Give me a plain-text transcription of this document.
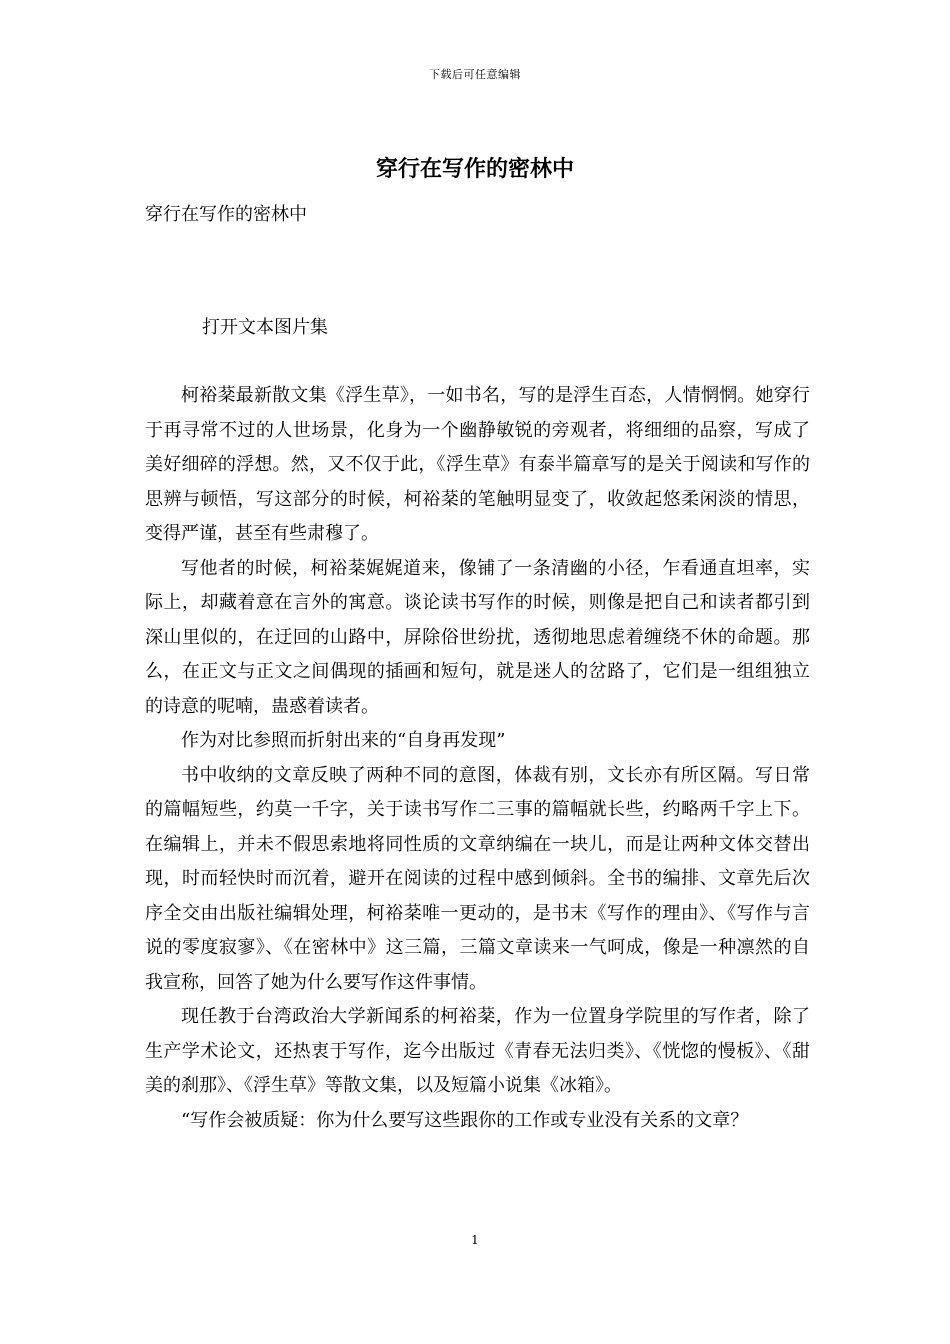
下载后可任意编辑
穿行在写作的密林中

穿行在写作的密林中

打开文本图片集

柯裕棻最新散文集《浮生草》，一如书名，写的是浮生百态，人情惘惘。她穿行于再寻常不过的人世场景，化身为一个幽静敏锐的旁观者，将细细的品察，写成了美好细碎的浮想。然，又不仅于此，《浮生草》有泰半篇章写的是关于阅读和写作的思辨与顿悟，写这部分的时候，柯裕棻的笔触明显变了，收敛起悠柔闲淡的情思，变得严谨，甚至有些肃穆了。

写他者的时候，柯裕棻娓娓道来，像铺了一条清幽的小径，乍看通直坦率，实际上，却藏着意在言外的寓意。谈论读书写作的时候，则像是把自己和读者都引到深山里似的，在迂回的山路中，屏除俗世纷扰，透彻地思虑着缠绕不休的命题。那么，在正文与正文之间偶现的插画和短句，就是迷人的岔路了，它们是一组组独立的诗意的呢喃，蛊惑着读者。

作为对比参照而折射出来的“自身再发现”

书中收纳的文章反映了两种不同的意图，体裁有别，文长亦有所区隔。写日常的篇幅短些，约莫一千字，关于读书写作二三事的篇幅就长些，约略两千字上下。在编辑上，并未不假思索地将同性质的文章纳编在一块儿，而是让两种文体交替出现，时而轻快时而沉着，避开在阅读的过程中感到倾斜。全书的编排、文章先后次序全交由出版社编辑处理，柯裕棻唯一更动的，是书末《写作的理由》、《写作与言说的零度寂寥》、《在密林中》这三篇，三篇文章读来一气呵成，像是一种凛然的自我宣称，回答了她为什么要写作这件事情。

现任教于台湾政治大学新闻系的柯裕棻，作为一位置身学院里的写作者，除了生产学术论文，还热衷于写作，迄今出版过《青春无法归类》、《恍惚的慢板》、《甜美的刹那》、《浮生草》等散文集，以及短篇小说集《冰箱》。

“写作会被质疑：你为什么要写这些跟你的工作或专业没有关系的文章？

1
